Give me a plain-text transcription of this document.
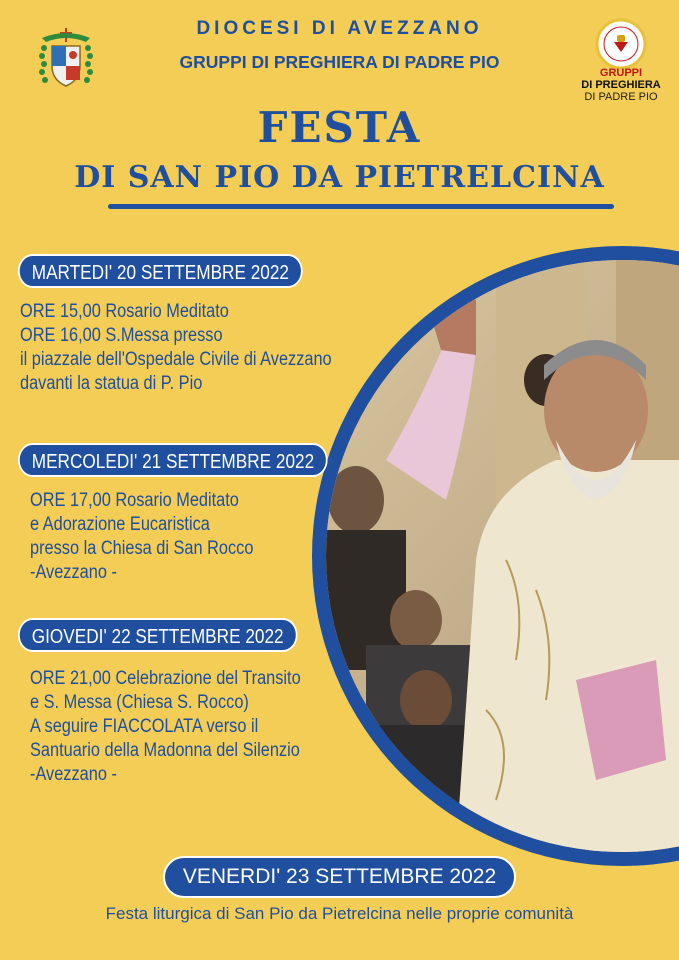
DIOCESI DI AVEZZANO
GRUPPI DI PREGHIERA DI PADRE PIO
GRUPPI
DI PREGHIERA
DI PADRE PIO
FESTA
DI SAN PIO DA PIETRELCINA
MARTEDI' 20 SETTEMBRE 2022
ORE 15,00 Rosario Meditato
ORE 16,00 S.Messa presso
il piazzale dell'Ospedale Civile di Avezzano
davanti la statua di P. Pio
MERCOLEDI' 21 SETTEMBRE 2022
ORE 17,00 Rosario Meditato
e Adorazione Eucaristica
presso la Chiesa di San Rocco
-Avezzano -
GIOVEDI' 22 SETTEMBRE 2022
ORE 21,00 Celebrazione del Transito
e S. Messa (Chiesa S. Rocco)
A seguire FIACCOLATA verso il
Santuario della Madonna del Silenzio
-Avezzano -
VENERDI' 23 SETTEMBRE 2022
Festa liturgica di San Pio da Pietrelcina nelle proprie comunità
